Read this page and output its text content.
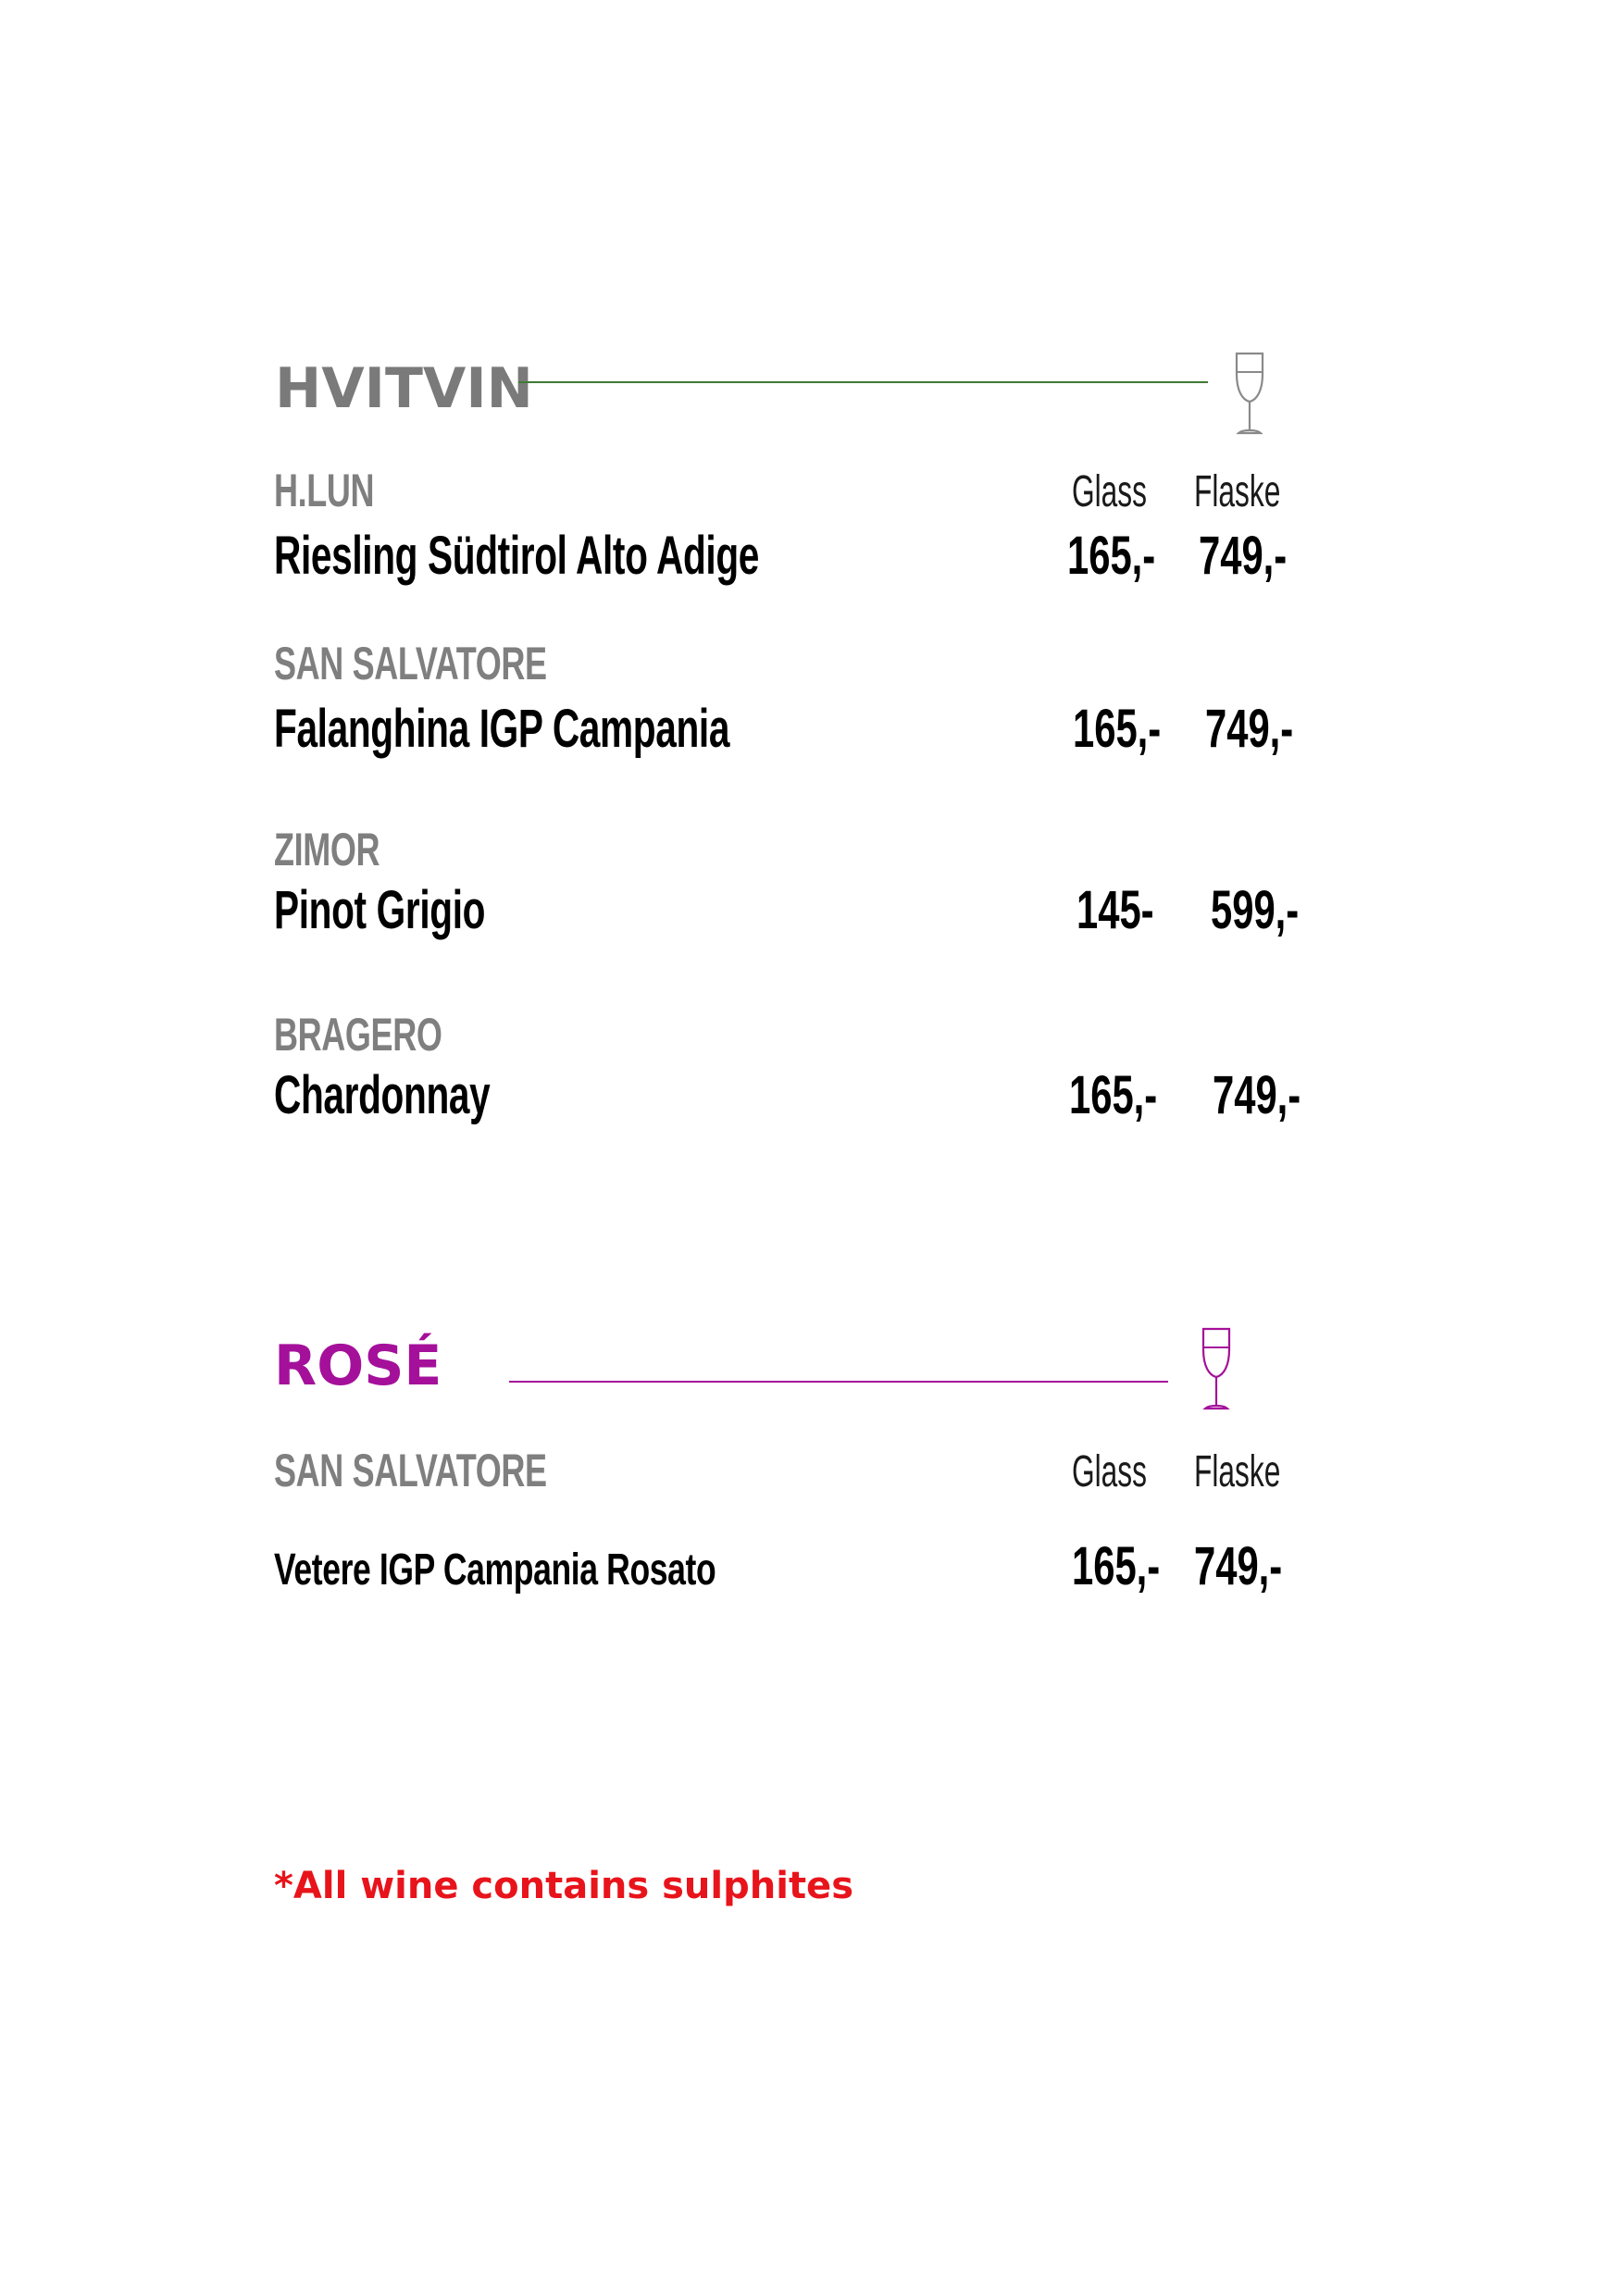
HVITVIN
Glass Flaske
H.LUN
Riesling Südtirol Alto Adige	165,- 749,-
SAN SALVATORE
Falanghina IGP Campania	165,- 749,-
ZIMOR
Pinot Grigio	145- 599,-
BRAGERO
Chardonnay	165,- 749,-
ROSÉ
Glass Flaske
SAN SALVATORE
Vetere IGP Campania Rosato	165,- 749,-
*All wine contains sulphites
